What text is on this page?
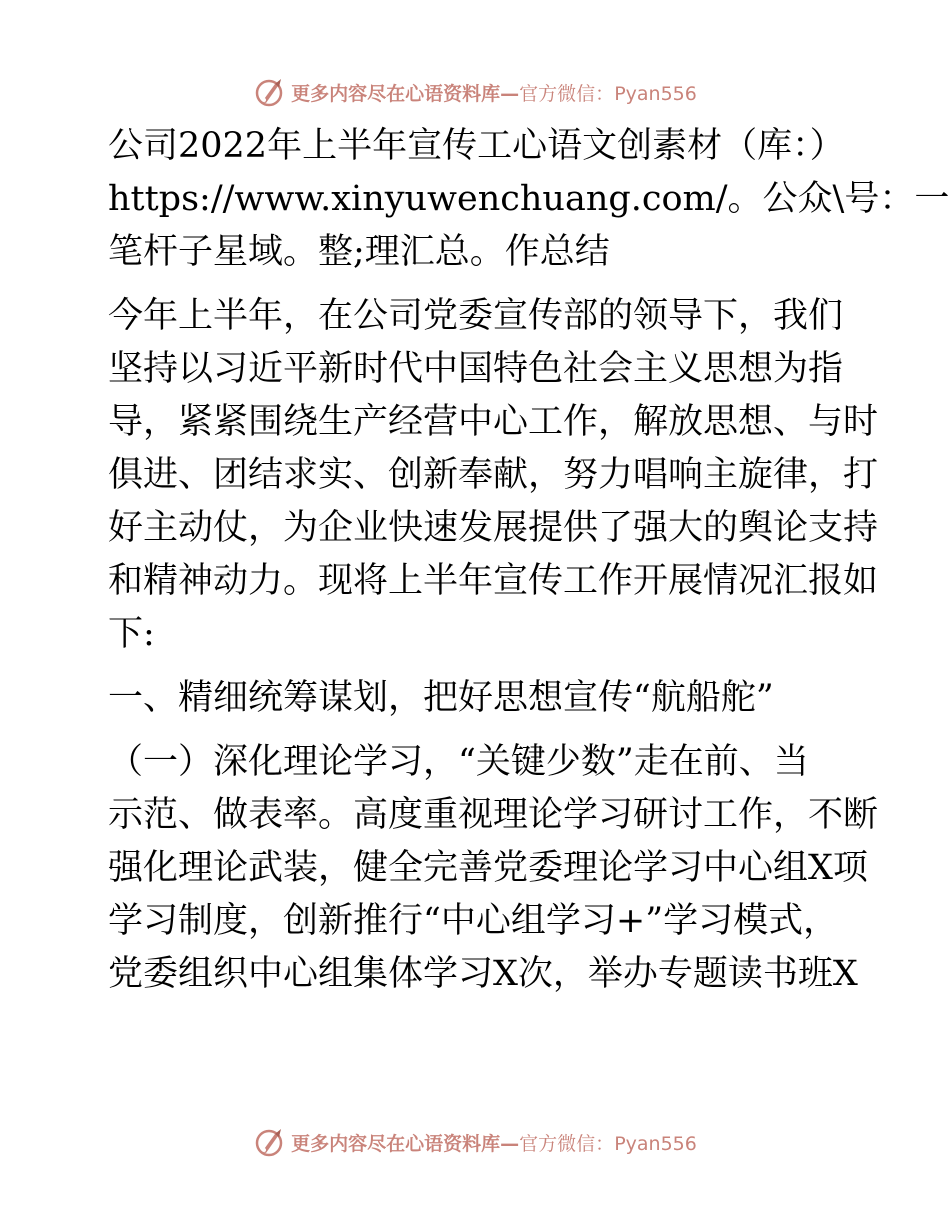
更多内容尽在心语资料库—官方微信：Pyan556

公司2022年上半年宣传工心语文创素材（库：）
https://www.xinyuwenchuang.com/。公众\号：一
笔杆子星域。整;理汇总。作总结

今年上半年，在公司党委宣传部的领导下，我们
坚持以习近平新时代中国特色社会主义思想为指
导，紧紧围绕生产经营中心工作，解放思想、与时
俱进、团结求实、创新奉献，努力唱响主旋律，打
好主动仗，为企业快速发展提供了强大的舆论支持
和精神动力。现将上半年宣传工作开展情况汇报如
下:

一、精细统筹谋划，把好思想宣传“航船舵”

（一）深化理论学习，“关键少数”走在前、当
示范、做表率。高度重视理论学习研讨工作，不断
强化理论武装，健全完善党委理论学习中心组X项
学习制度，创新推行“中心组学习+”学习模式，
党委组织中心组集体学习X次，举办专题读书班X

更多内容尽在心语资料库—官方微信：Pyan556
